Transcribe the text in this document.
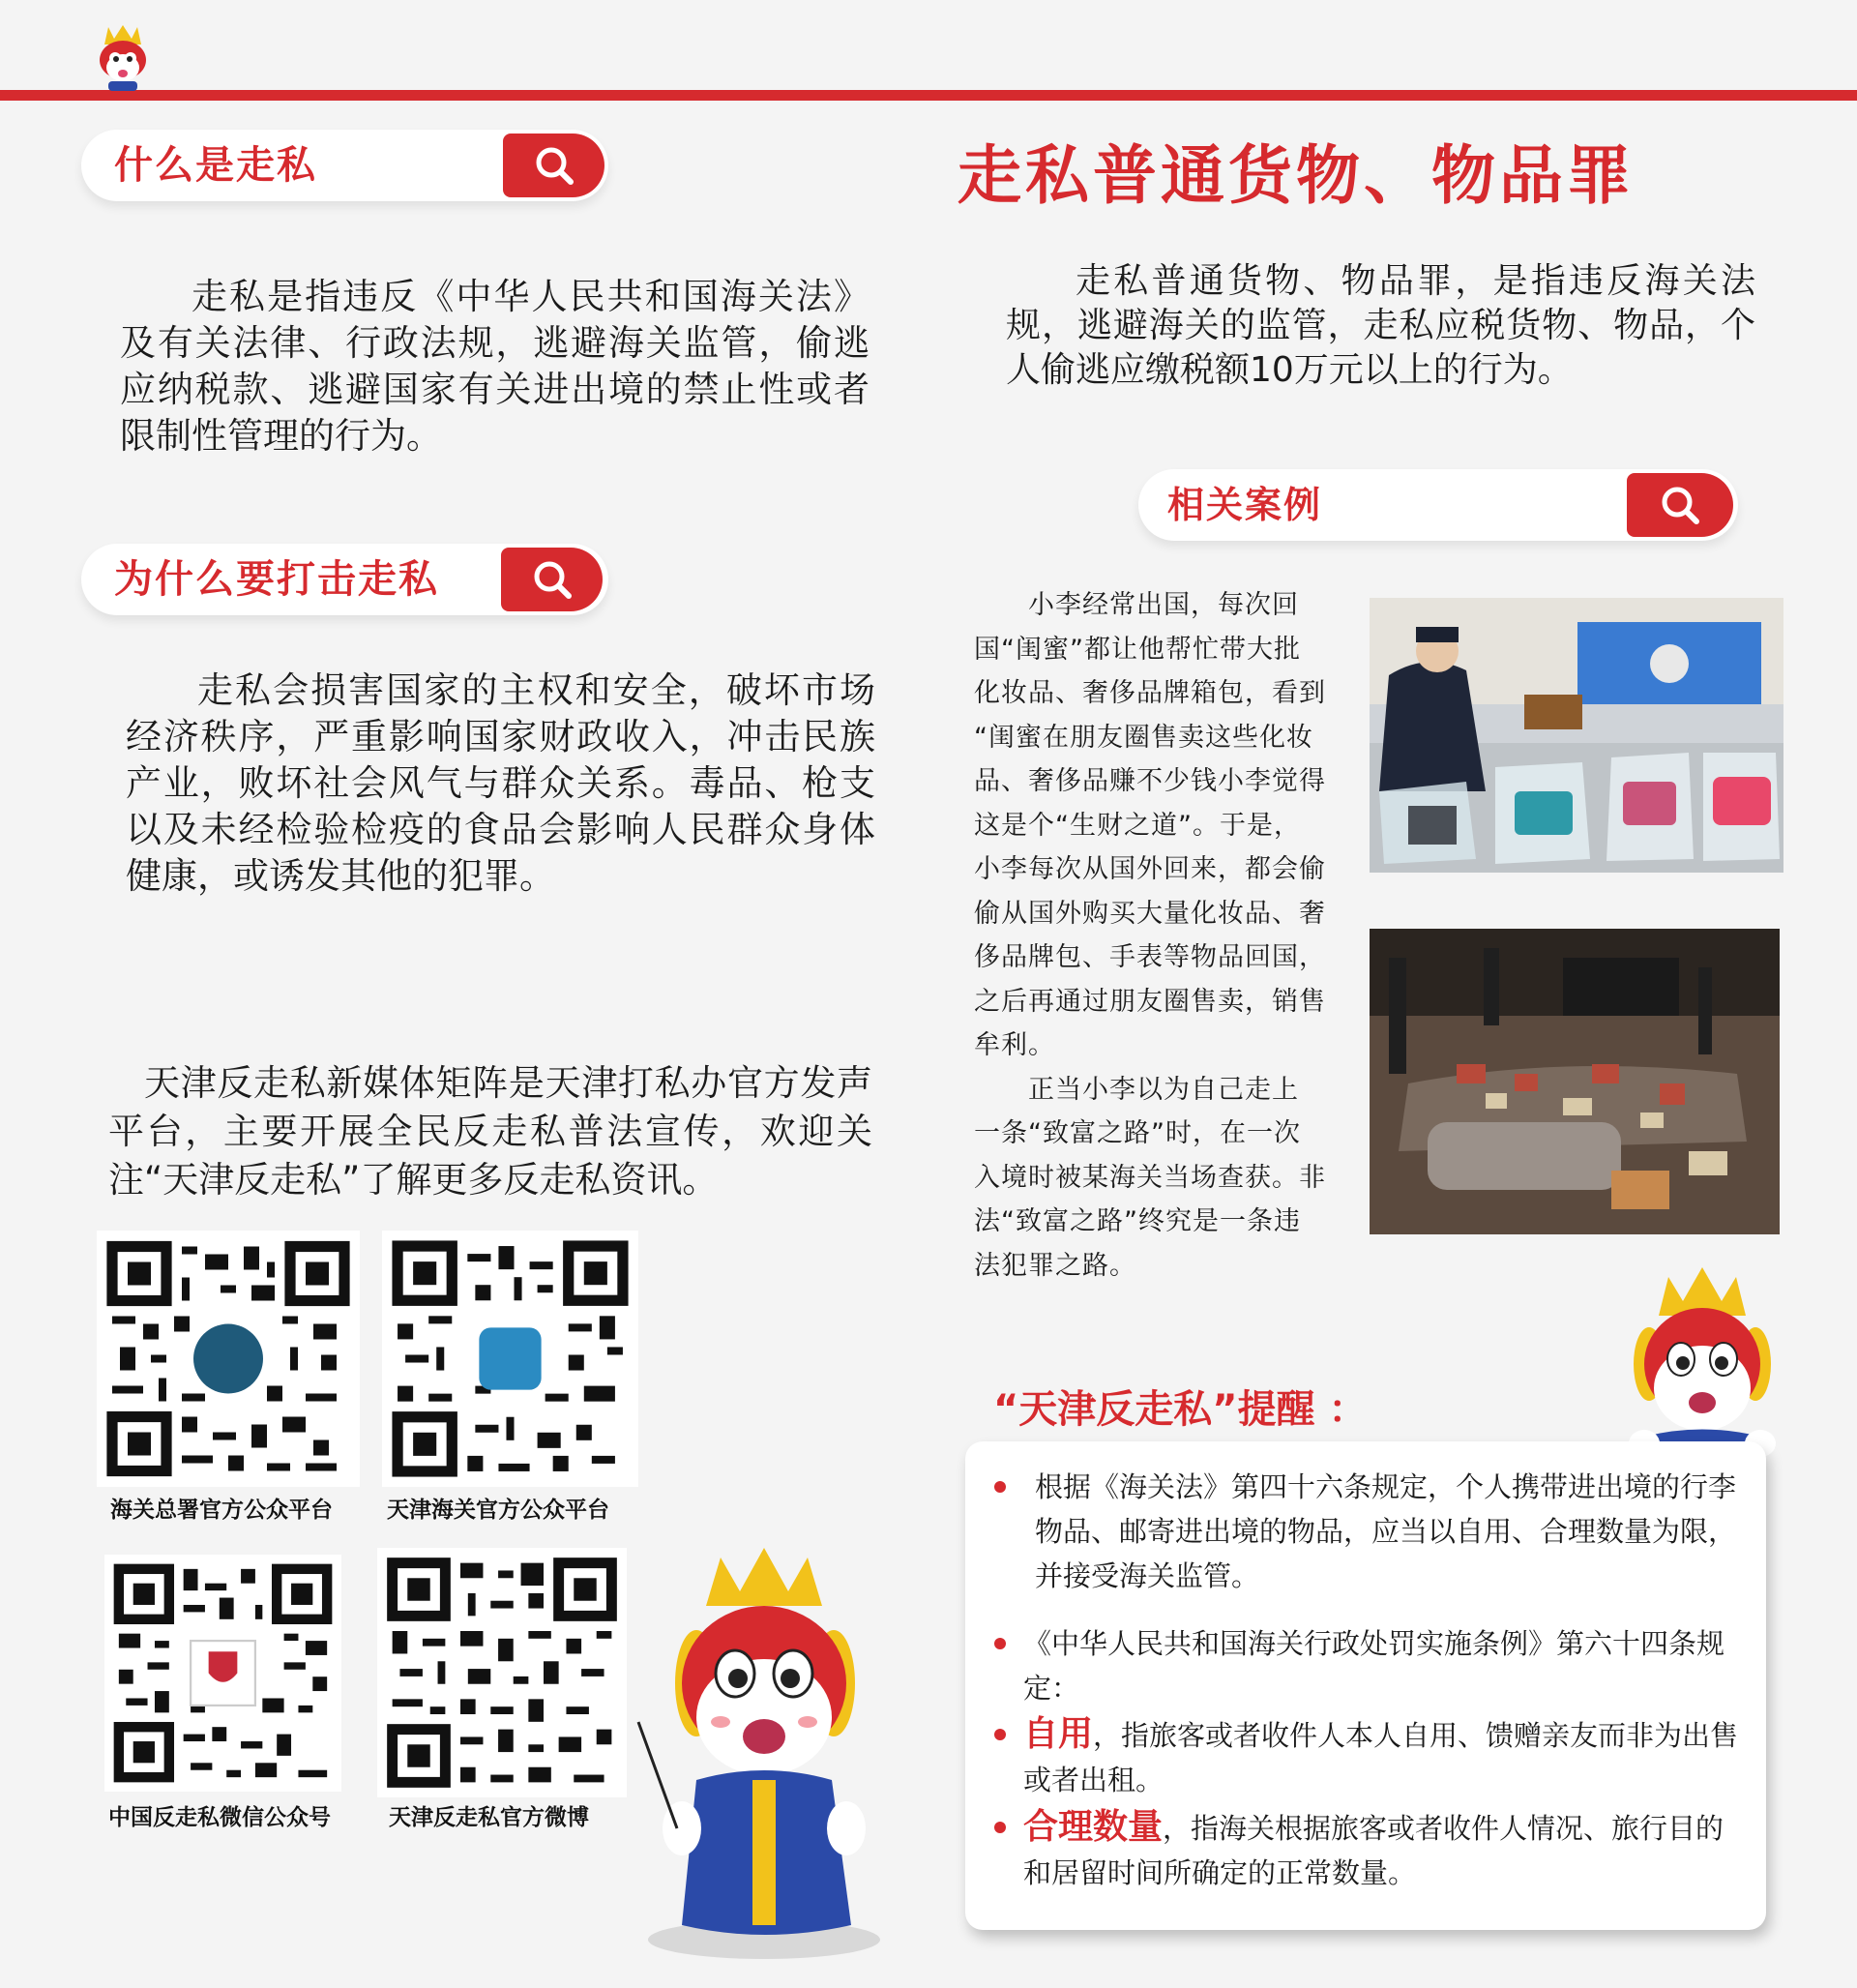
什么是走私

走私是指违反《中华人民共和国海关法》及有关法律、行政法规，逃避海关监管，偷逃应纳税款、逃避国家有关进出境的禁止性或者限制性管理的行为。

为什么要打击走私

走私会损害国家的主权和安全，破坏市场经济秩序，严重影响国家财政收入，冲击民族产业，败坏社会风气与群众关系。毒品、枪支以及未经检验检疫的食品会影响人民群众身体健康，或诱发其他的犯罪。

天津反走私新媒体矩阵是天津打私办官方发声平台，主要开展全民反走私普法宣传，欢迎关注“天津反走私”了解更多反走私资讯。

海关总署官方公众平台 天津海关官方公众平台
中国反走私微信公众号	天津反走私官方微博
走私普通货物、物品罪

走私普通货物、物品罪，是指违反海关法规，逃避海关的监管，走私应税货物、物品，个人偷逃应缴税额10万元以上的行为。

相关案例
　　小李经常出国，每次回
国“闺蜜”都让他帮忙带大批
化妆品、奢侈品牌箱包，看到
“闺蜜在朋友圈售卖这些化妆
品、奢侈品赚不少钱小李觉得
这是个“生财之道”。于是，
小李每次从国外回来，都会偷
偷从国外购买大量化妆品、奢
侈品牌包、手表等物品回国，
之后再通过朋友圈售卖，销售
牟利。
　　正当小李以为自己走上
一条“致富之路”时，在一次
入境时被某海关当场查获。非
法“致富之路”终究是一条违
法犯罪之路。
“天津反走私”提醒 ：
根据《海关法》第四十六条规定，个人携带进出境的行李物品、邮寄进出境的物品，应当以自用、合理数量为限，并接受海关监管。
《中华人民共和国海关行政处罚实施条例》第六十四条规定：
自用，指旅客或者收件人本人自用、馈赠亲友而非为出售或者出租。
合理数量，指海关根据旅客或者收件人情况、旅行目的和居留时间所确定的正常数量。
